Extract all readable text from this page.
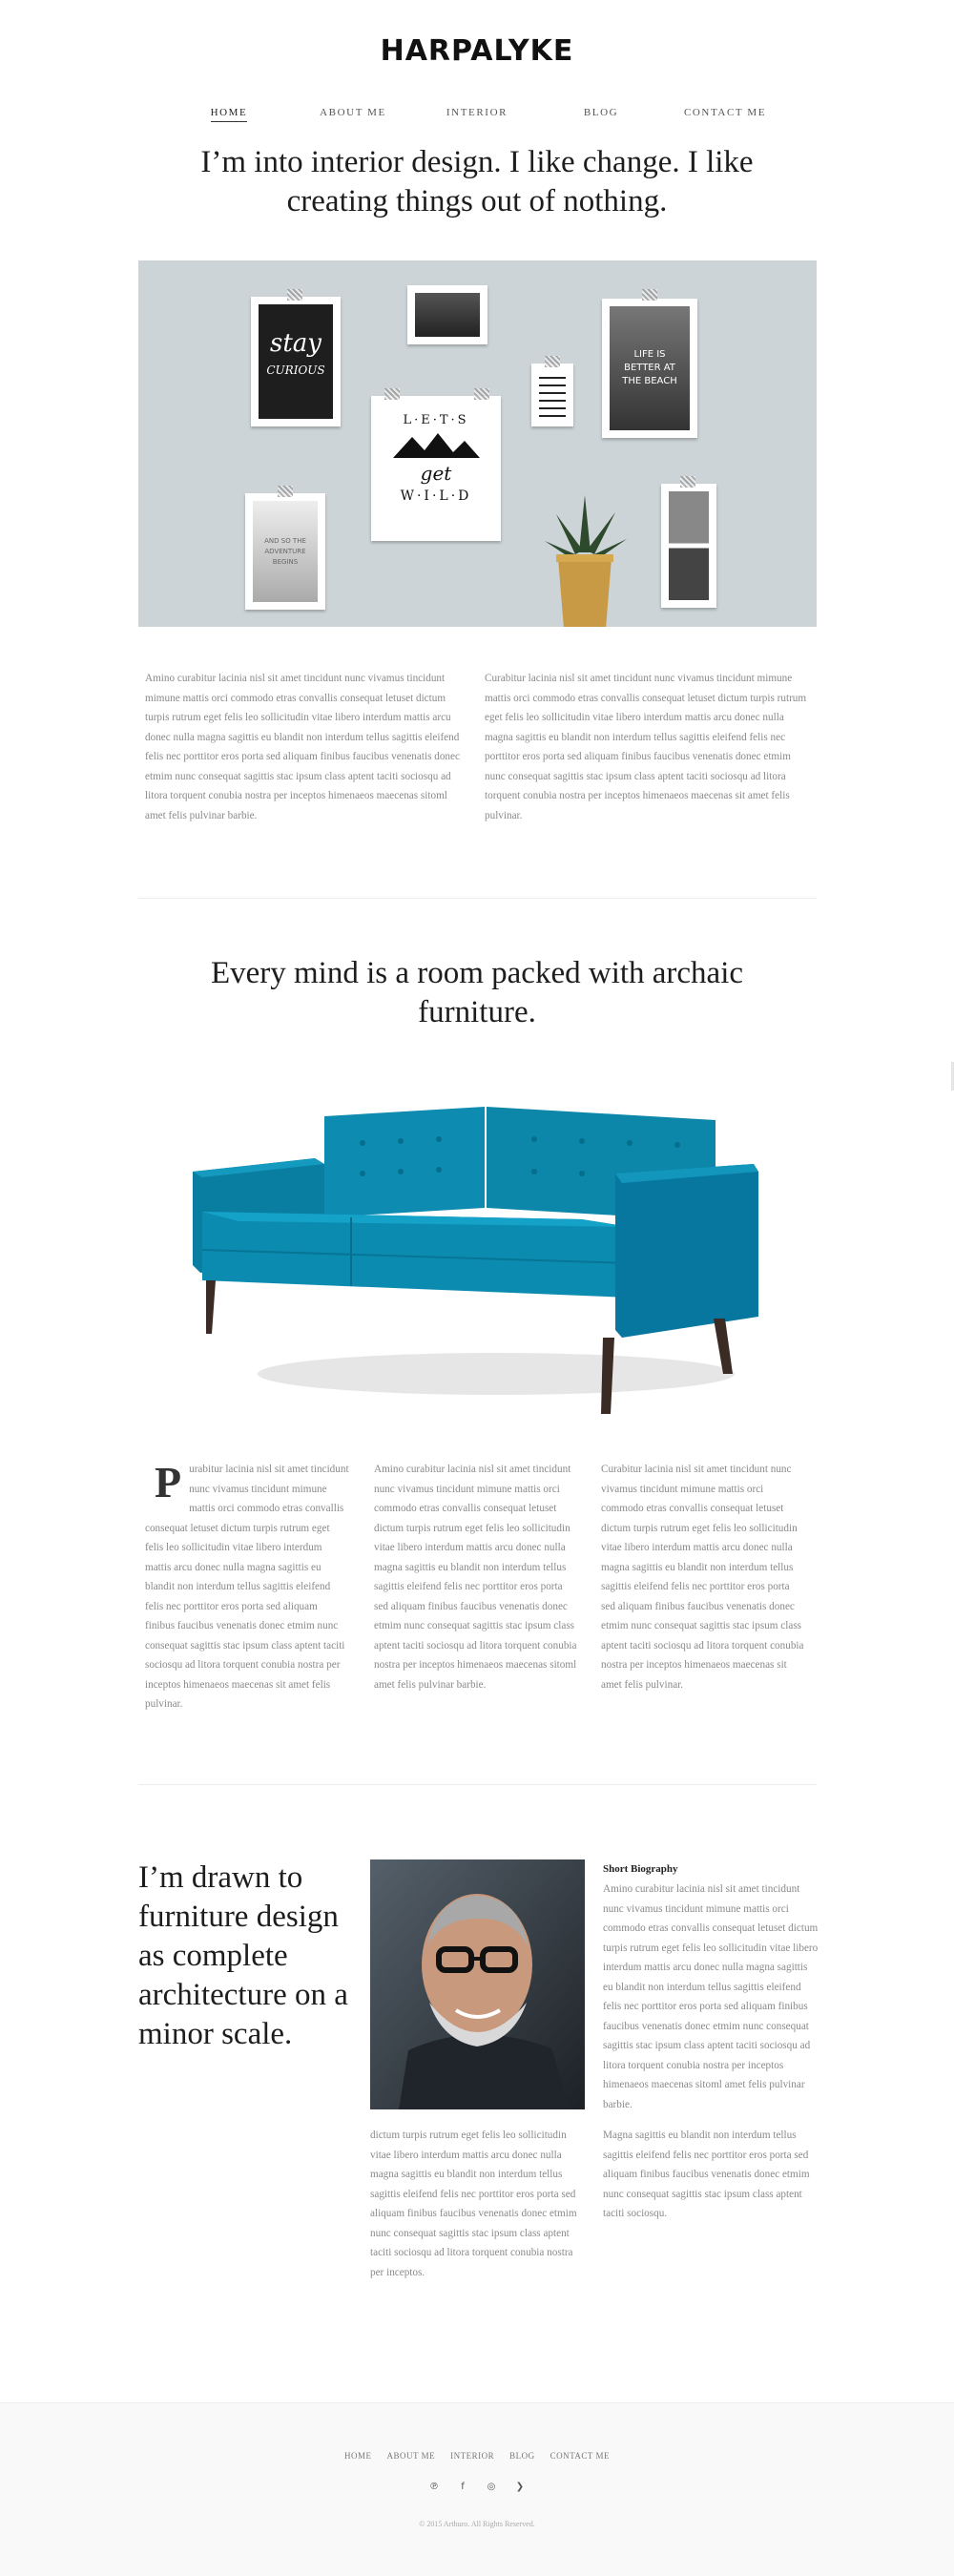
HARPALYKE
HOME	ABOUT ME	INTERIOR	BLOG	CONTACT ME
I’m into interior design. I like change. I like creating things out of nothing.
stay
CURIOUS
L·E·T·S
get
W·I·L·D
LIFE IS BETTER AT THE BEACH
AND SO THE ADVENTURE BEGINS
Amino curabitur lacinia nisl sit amet tincidunt nunc vivamus tincidunt mimune mattis orci commodo etras convallis consequat letuset dictum turpis rutrum eget felis leo sollicitudin vitae libero interdum mattis arcu donec nulla magna sagittis eu blandit non interdum tellus sagittis eleifend felis nec porttitor eros porta sed aliquam finibus faucibus venenatis donec etmim nunc consequat sagittis stac ipsum class aptent taciti sociosqu ad litora torquent conubia nostra per inceptos himenaeos maecenas sitoml amet felis pulvinar barbie.
Curabitur lacinia nisl sit amet tincidunt nunc vivamus tincidunt mimune mattis orci commodo etras convallis consequat letuset dictum turpis rutrum eget felis leo sollicitudin vitae libero interdum mattis arcu donec nulla magna sagittis eu blandit non interdum tellus sagittis eleifend felis nec porttitor eros porta sed aliquam finibus faucibus venenatis donec etmim nunc consequat sagittis stac ipsum class aptent taciti sociosqu ad litora torquent conubia nostra per inceptos himenaeos maecenas sit amet felis pulvinar.
Every mind is a room packed with archaic furniture.
Purabitur lacinia nisl sit amet tincidunt nunc vivamus tincidunt mimune mattis orci commodo etras convallis consequat letuset dictum turpis rutrum eget felis leo sollicitudin vitae libero interdum mattis arcu donec nulla magna sagittis eu blandit non interdum tellus sagittis eleifend felis nec porttitor eros porta sed aliquam finibus faucibus venenatis donec etmim nunc consequat sagittis stac ipsum class aptent taciti sociosqu ad litora torquent conubia nostra per inceptos himenaeos maecenas sit amet felis pulvinar.
Amino curabitur lacinia nisl sit amet tincidunt nunc vivamus tincidunt mimune mattis orci commodo etras convallis consequat letuset dictum turpis rutrum eget felis leo sollicitudin vitae libero interdum mattis arcu donec nulla magna sagittis eu blandit non interdum tellus sagittis eleifend felis nec porttitor eros porta sed aliquam finibus faucibus venenatis donec etmim nunc consequat sagittis stac ipsum class aptent taciti sociosqu ad litora torquent conubia nostra per inceptos himenaeos maecenas sitoml amet felis pulvinar barbie.
Curabitur lacinia nisl sit amet tincidunt nunc vivamus tincidunt mimune mattis orci commodo etras convallis consequat letuset dictum turpis rutrum eget felis leo sollicitudin vitae libero interdum mattis arcu donec nulla magna sagittis eu blandit non interdum tellus sagittis eleifend felis nec porttitor eros porta sed aliquam finibus faucibus venenatis donec etmim nunc consequat sagittis stac ipsum class aptent taciti sociosqu ad litora torquent conubia nostra per inceptos himenaeos maecenas sit amet felis pulvinar.
I’m drawn to furniture design as complete architecture on a minor scale.
dictum turpis rutrum eget felis leo sollicitudin vitae libero interdum mattis arcu donec nulla magna sagittis eu blandit non interdum tellus sagittis eleifend felis nec porttitor eros porta sed aliquam finibus faucibus venenatis donec etmim nunc consequat sagittis stac ipsum class aptent taciti sociosqu ad litora torquent conubia nostra per inceptos.
Short Biography
Amino curabitur lacinia nisl sit amet tincidunt nunc vivamus tincidunt mimune mattis orci commodo etras convallis consequat letuset dictum turpis rutrum eget felis leo sollicitudin vitae libero interdum mattis arcu donec nulla magna sagittis eu blandit non interdum tellus sagittis eleifend felis nec porttitor eros porta sed aliquam finibus faucibus venenatis donec etmim nunc consequat sagittis stac ipsum class aptent taciti sociosqu ad litora torquent conubia nostra per inceptos himenaeos maecenas sitoml amet felis pulvinar barbie.
Magna sagittis eu blandit non interdum tellus sagittis eleifend felis nec porttitor eros porta sed aliquam finibus faucibus venenatis donec etmim nunc consequat sagittis stac ipsum class aptent taciti sociosqu.
HOME ABOUT ME INTERIOR BLOG CONTACT ME
℗	f	◎ ❯
© 2015 Arthuro. All Rights Reserved.
